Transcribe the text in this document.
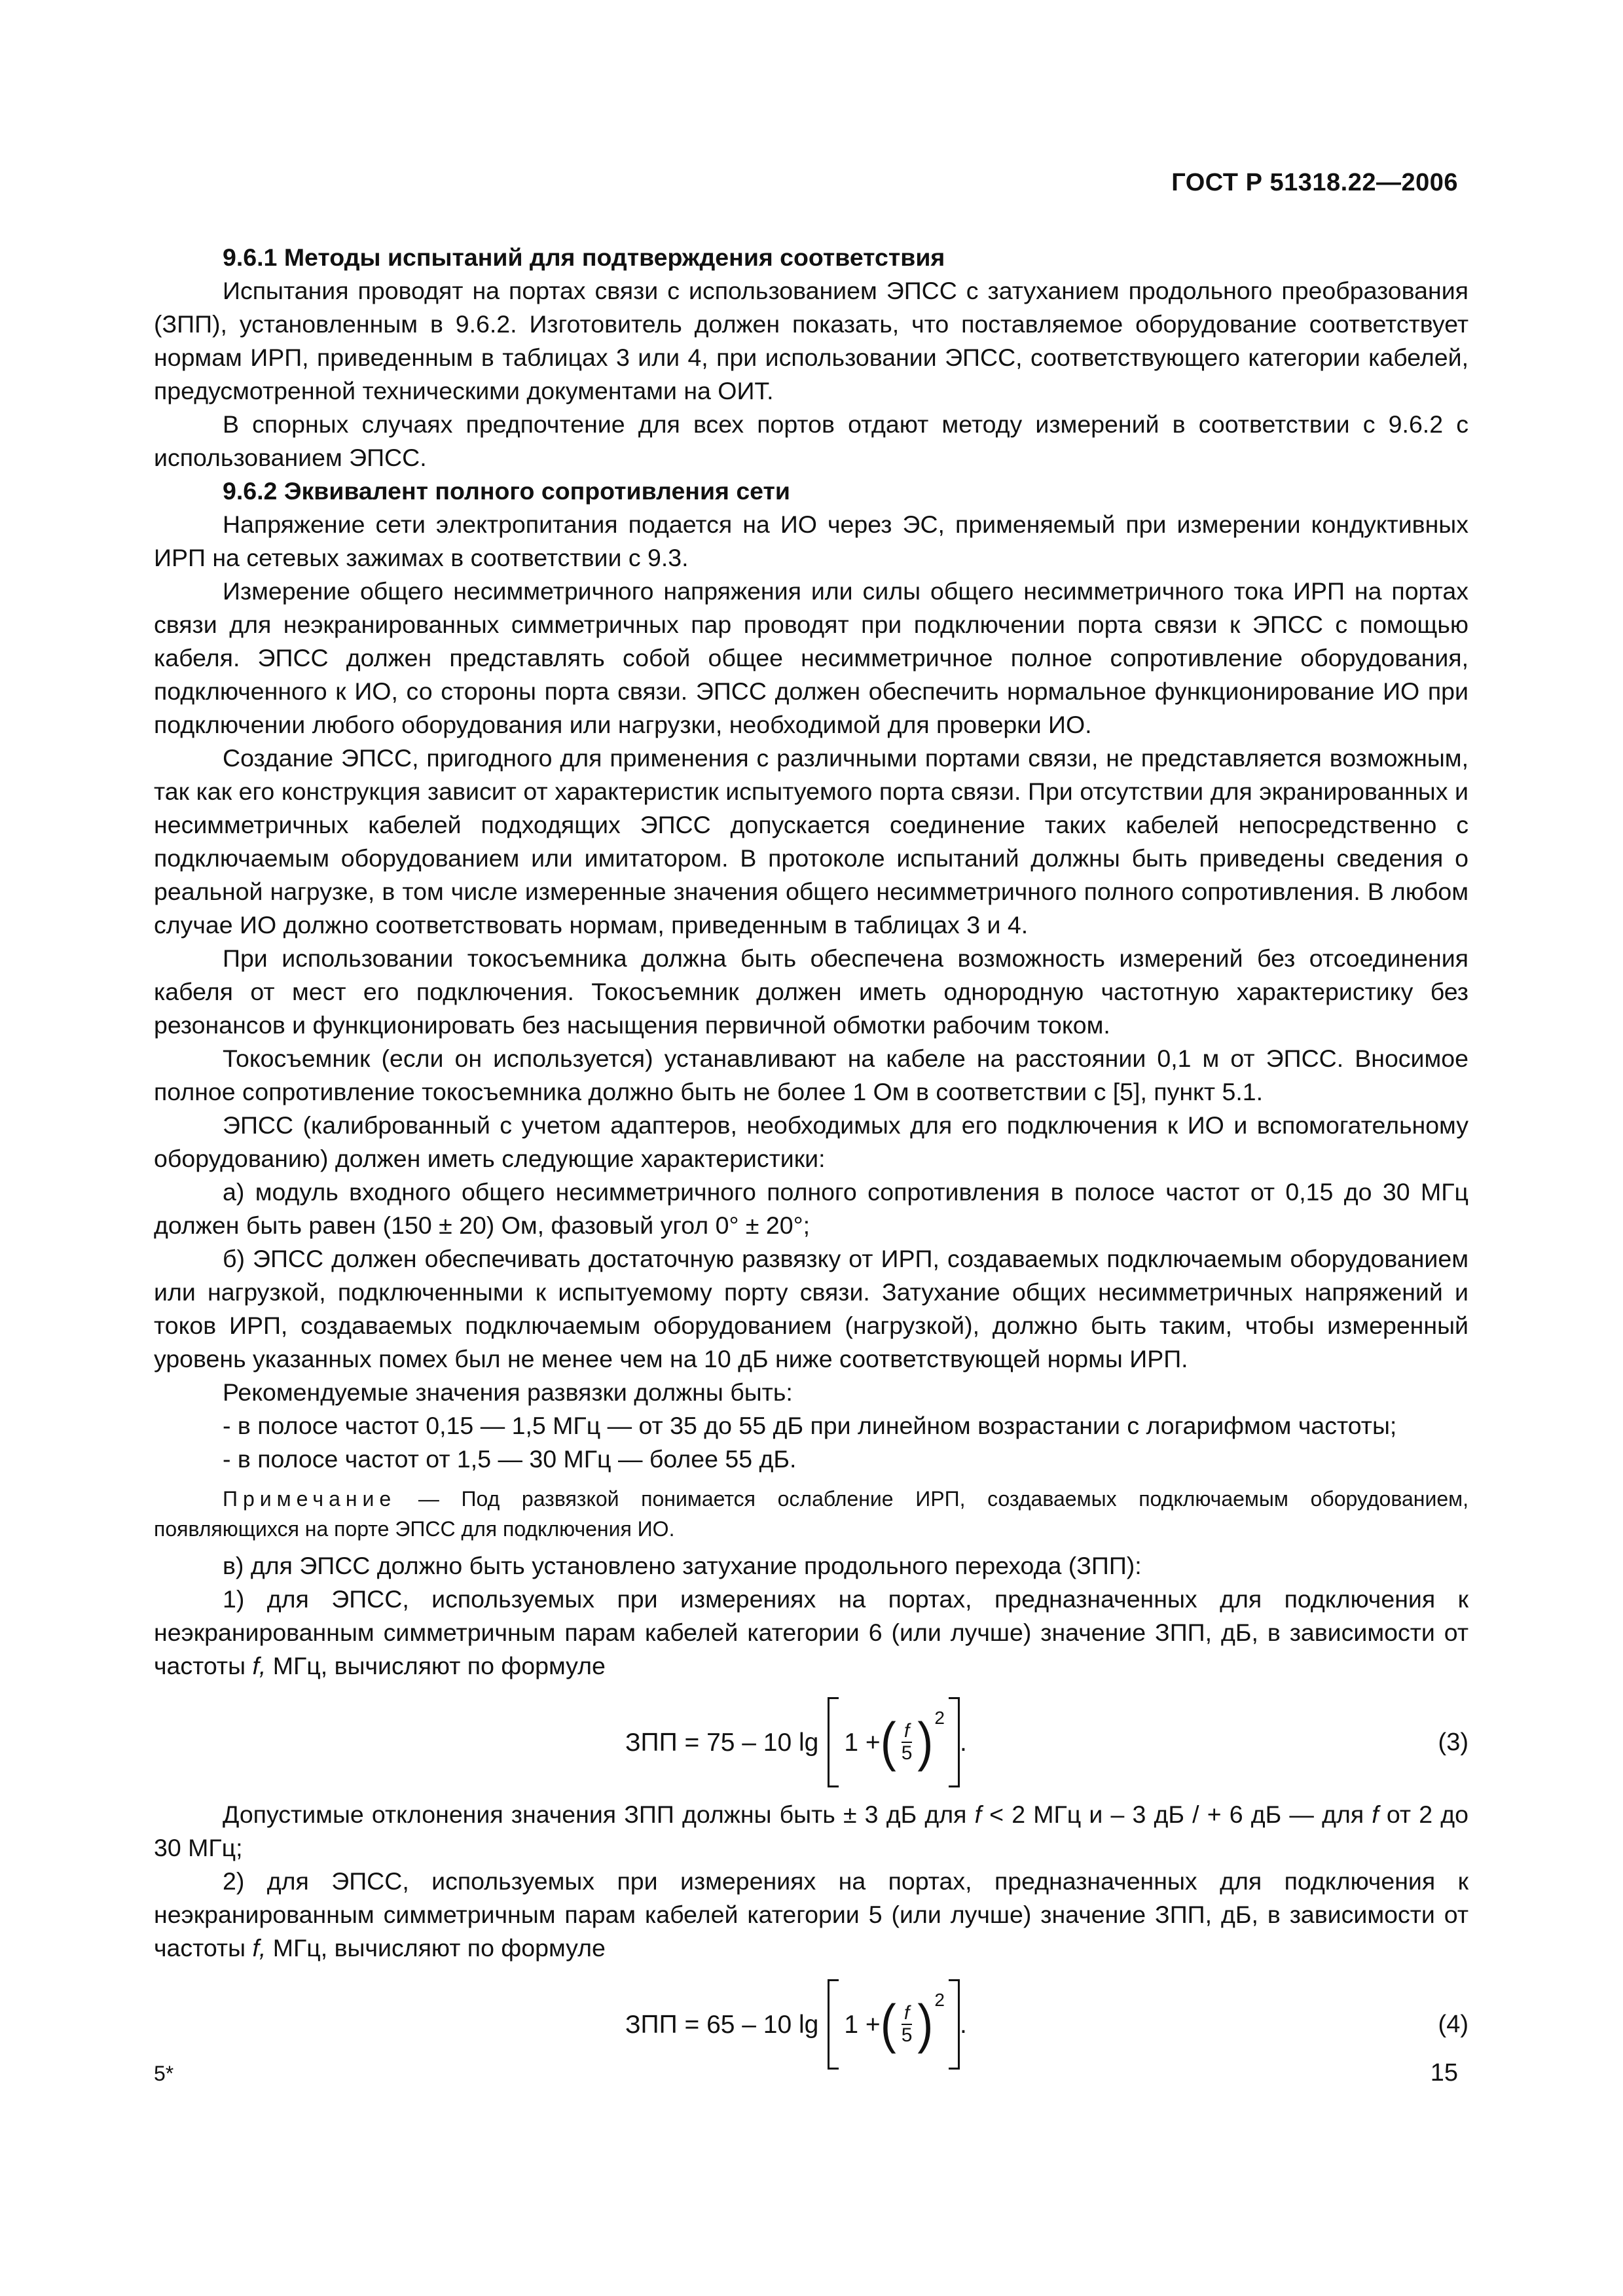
ГОСТ Р 51318.22—2006

9.6.1 Методы испытаний для подтверждения соответствия

Испытания проводят на портах связи с использованием ЭПСС с затуханием продольного преобразования (ЗПП), установленным в 9.6.2. Изготовитель должен показать, что поставляемое оборудование соответствует нормам ИРП, приведенным в таблицах 3 или 4, при использовании ЭПСС, соответствующего категории кабелей, предусмотренной техническими документами на ОИТ.

В спорных случаях предпочтение для всех портов отдают методу измерений в соответствии с 9.6.2 с использованием ЭПСС.

9.6.2 Эквивалент полного сопротивления сети

Напряжение сети электропитания подается на ИО через ЭС, применяемый при измерении кондуктивных ИРП на сетевых зажимах в соответствии с 9.3.

Измерение общего несимметричного напряжения или силы общего несимметричного тока ИРП на портах связи для неэкранированных симметричных пар проводят при подключении порта связи к ЭПСС с помощью кабеля. ЭПСС должен представлять собой общее несимметричное полное сопротивление оборудования, подключенного к ИО, со стороны порта связи. ЭПСС должен обеспечить нормальное функционирование ИО при подключении любого оборудования или нагрузки, необходимой для проверки ИО.

Создание ЭПСС, пригодного для применения с различными портами связи, не представляется возможным, так как его конструкция зависит от характеристик испытуемого порта связи. При отсутствии для экранированных и несимметричных кабелей подходящих ЭПСС допускается соединение таких кабелей непосредственно с подключаемым оборудованием или имитатором. В протоколе испытаний должны быть приведены сведения о реальной нагрузке, в том числе измеренные значения общего несимметричного полного сопротивления. В любом случае ИО должно соответствовать нормам, приведенным в таблицах 3 и 4.

При использовании токосъемника должна быть обеспечена возможность измерений без отсоединения кабеля от мест его подключения. Токосъемник должен иметь однородную частотную характеристику без резонансов и функционировать без насыщения первичной обмотки рабочим током.

Токосъемник (если он используется) устанавливают на кабеле на расстоянии 0,1 м от ЭПСС. Вносимое полное сопротивление токосъемника должно быть не более 1 Ом в соответствии с [5], пункт 5.1.

ЭПСС (калиброванный с учетом адаптеров, необходимых для его подключения к ИО и вспомогательному оборудованию) должен иметь следующие характеристики:

а) модуль входного общего несимметричного полного сопротивления в полосе частот от 0,15 до 30 МГц должен быть равен (150 ± 20) Ом, фазовый угол 0° ± 20°;

б) ЭПСС должен обеспечивать достаточную развязку от ИРП, создаваемых подключаемым оборудованием или нагрузкой, подключенными к испытуемому порту связи. Затухание общих несимметричных напряжений и токов ИРП, создаваемых подключаемым оборудованием (нагрузкой), должно быть таким, чтобы измеренный уровень указанных помех был не менее чем на 10 дБ ниже соответствующей нормы ИРП.

Рекомендуемые значения развязки должны быть:

- в полосе частот 0,15 — 1,5 МГц — от 35 до 55 дБ при линейном возрастании с логарифмом частоты;

- в полосе частот от 1,5 — 30 МГц — более 55 дБ.

Примечание — Под развязкой понимается ослабление ИРП, создаваемых подключаемым оборудованием, появляющихся на порте ЭПСС для подключения ИО.

в) для ЭПСС должно быть установлено затухание продольного перехода (ЗПП):

1) для ЭПСС, используемых при измерениях на портах, предназначенных для подключения к неэкранированным симметричным парам кабелей категории 6 (или лучше) значение ЗПП, дБ, в зависимости от частоты f, МГц, вычисляют по формуле

ЗПП = 75 – 10 lg 1 + ( $\frac{f}{5}$ ) 2
.	(3)

Допустимые отклонения значения ЗПП должны быть ± 3 дБ для f < 2 МГц и – 3 дБ / + 6 дБ — для f от 2 до 30 МГц;

2) для ЭПСС, используемых при измерениях на портах, предназначенных для подключения к неэкранированным симметричным парам кабелей категории 5 (или лучше) значение ЗПП, дБ, в зависимости от частоты f, МГц, вычисляют по формуле

ЗПП = 65 – 10 lg 1 + ( $\frac{f}{5}$ ) 2
.	(4)
5*	15
